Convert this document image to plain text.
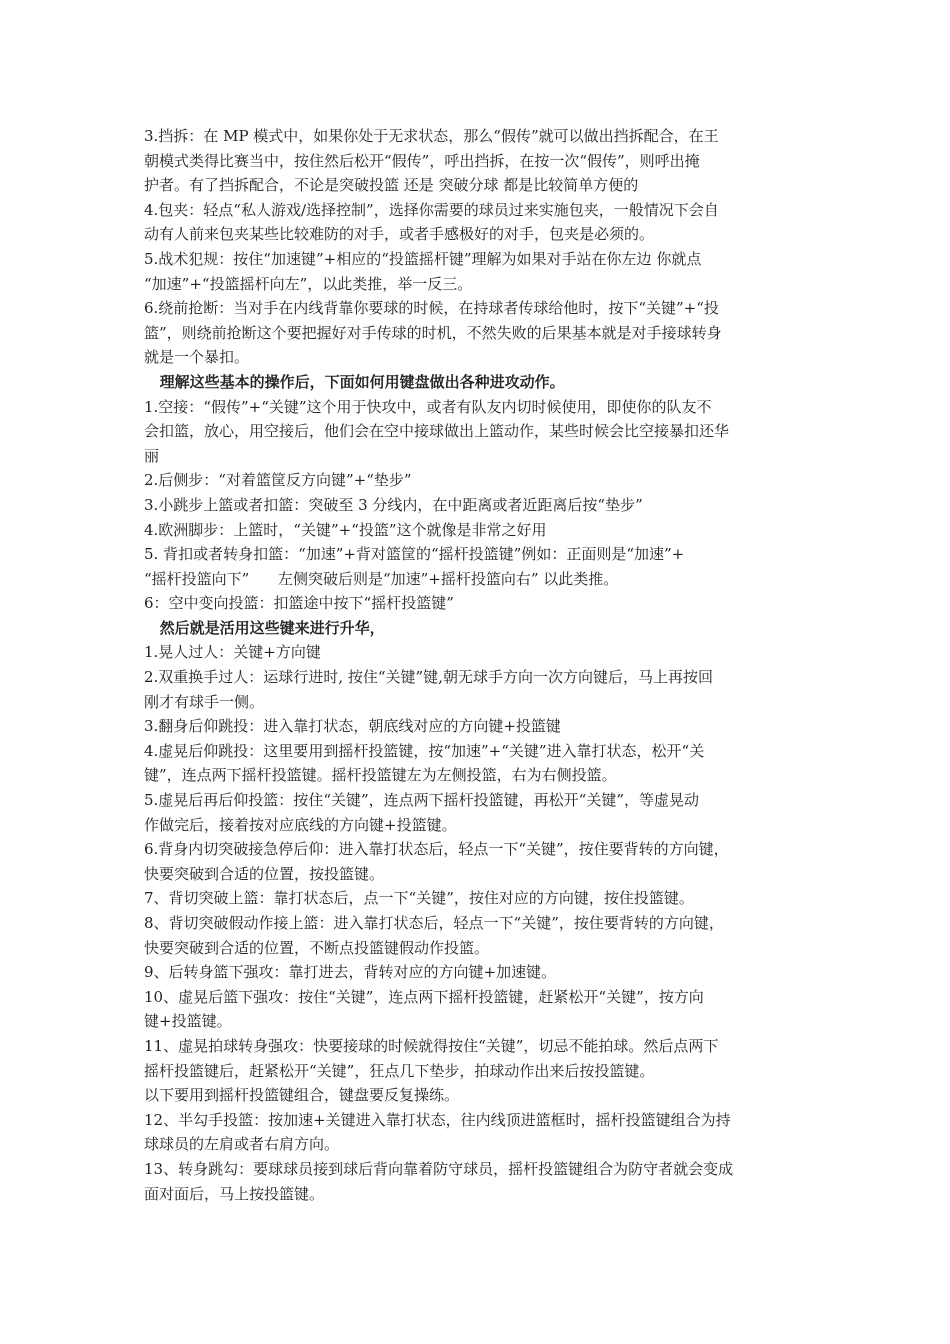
3.挡拆：在 MP 模式中，如果你处于无求状态，那么“假传”就可以做出挡拆配合，在王

朝模式类得比赛当中，按住然后松开“假传”，呼出挡拆，在按一次“假传”，则呼出掩

护者。有了挡拆配合，不论是突破投篮 还是 突破分球 都是比较简单方便的

4.包夹：轻点“私人游戏/选择控制”，选择你需要的球员过来实施包夹，一般情况下会自

动有人前来包夹某些比较难防的对手，或者手感极好的对手，包夹是必须的。

5.战术犯规：按住“加速键”+相应的“投篮摇杆键”理解为如果对手站在你左边 你就点

“加速”+“投篮摇杆向左”，以此类推，举一反三。

6.绕前抢断：当对手在内线背靠你要球的时候，在持球者传球给他时，按下“关键”+“投

篮”，则绕前抢断这个要把握好对手传球的时机，不然失败的后果基本就是对手接球转身

就是一个暴扣。

理解这些基本的操作后，下面如何用键盘做出各种进攻动作。

1.空接：“假传”+“关键”这个用于快攻中，或者有队友内切时候使用，即使你的队友不

会扣篮，放心，用空接后，他们会在空中接球做出上篮动作，某些时候会比空接暴扣还华

丽

2.后侧步：“对着篮筐反方向键”+“垫步”

3.小跳步上篮或者扣篮：突破至 3 分线内，在中距离或者近距离后按“垫步”

4.欧洲脚步：上篮时，“关键”+“投篮”这个就像是非常之好用

5. 背扣或者转身扣篮：“加速”+背对篮筐的“摇杆投篮键”例如：正面则是“加速”+

“摇杆投篮向下”      左侧突破后则是“加速”+摇杆投篮向右” 以此类推。

6：空中变向投篮：扣篮途中按下“摇杆投篮键”

然后就是活用这些键来进行升华，

1.晃人过人：关键+方向键

2.双重换手过人：运球行进时, 按住“关键”键,朝无球手方向一次方向键后，马上再按回

刚才有球手一侧。

3.翻身后仰跳投：进入靠打状态，朝底线对应的方向键+投篮键

4.虚晃后仰跳投：这里要用到摇杆投篮键，按“加速”+“关键”进入靠打状态，松开“关

键”，连点两下摇杆投篮键。摇杆投篮键左为左侧投篮，右为右侧投篮。

5.虚晃后再后仰投篮：按住“关键”，连点两下摇杆投篮键，再松开“关键”，等虚晃动

作做完后，接着按对应底线的方向键+投篮键。

6.背身内切突破接急停后仰：进入靠打状态后，轻点一下“关键”，按住要背转的方向键，

快要突破到合适的位置，按投篮键。

7、背切突破上篮：靠打状态后，点一下“关键”，按住对应的方向键，按住投篮键。

8、背切突破假动作接上篮：进入靠打状态后，轻点一下“关键”，按住要背转的方向键，

快要突破到合适的位置，不断点投篮键假动作投篮。

9、后转身篮下强攻：靠打进去，背转对应的方向键+加速键。

10、虚晃后篮下强攻：按住“关键”，连点两下摇杆投篮键，赶紧松开“关键”，按方向

键+投篮键。

11、虚晃拍球转身强攻：快要接球的时候就得按住“关键”，切忌不能拍球。然后点两下

摇杆投篮键后，赶紧松开“关键”，狂点几下垫步，拍球动作出来后按投篮键。

以下要用到摇杆投篮键组合，键盘要反复操练。

12、半勾手投篮：按加速+关键进入靠打状态，往内线顶进篮框时，摇杆投篮键组合为持

球球员的左肩或者右肩方向。

13、转身跳勾：要球球员接到球后背向靠着防守球员，摇杆投篮键组合为防守者就会变成

面对面后，马上按投篮键。
